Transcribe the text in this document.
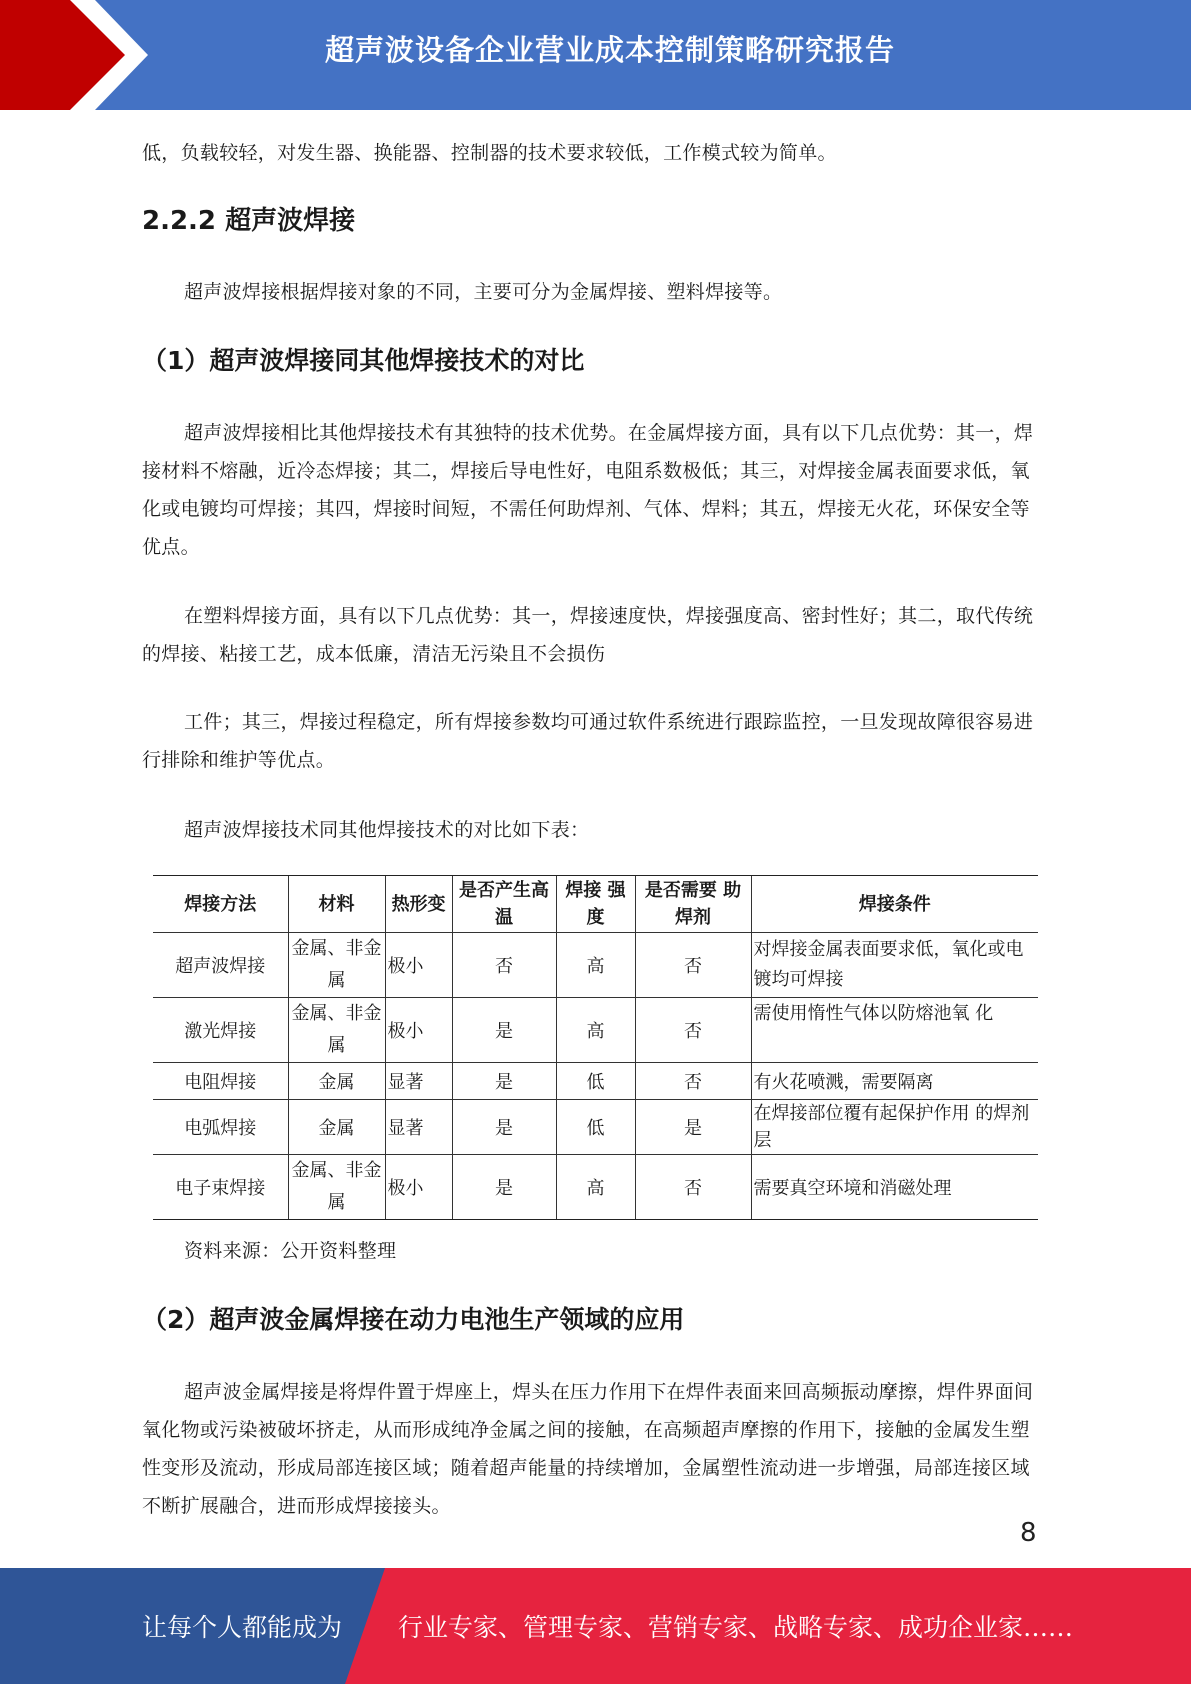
超声波设备企业营业成本控制策略研究报告

低，负载较轻，对发生器、换能器、控制器的技术要求较低，工作模式较为简单。

2.2.2 超声波焊接

超声波焊接根据焊接对象的不同，主要可分为金属焊接、塑料焊接等。

（1）超声波焊接同其他焊接技术的对比

超声波焊接相比其他焊接技术有其独特的技术优势。在金属焊接方面，具有以下几点优势：其一，焊接材料不熔融，近冷态焊接；其二，焊接后导电性好，电阻系数极低；其三，对焊接金属表面要求低，氧化或电镀均可焊接；其四，焊接时间短，不需任何助焊剂、气体、焊料；其五，焊接无火花，环保安全等优点。

在塑料焊接方面，具有以下几点优势：其一，焊接速度快，焊接强度高、密封性好；其二，取代传统的焊接、粘接工艺，成本低廉，清洁无污染且不会损伤

工件；其三，焊接过程稳定，所有焊接参数均可通过软件系统进行跟踪监控，一旦发现故障很容易进行排除和维护等优点。

超声波焊接技术同其他焊接技术的对比如下表：

焊接方法	材料	热形变	是否产生高温	焊接 强度	是否需要 助焊剂	焊接条件
超声波焊接	金属、非金属	极小	否	高	否	对焊接金属表面要求低，氧化或电镀均可焊接
激光焊接	金属、非金属	极小	是	高	否	需使用惰性气体以防熔池氧 化
电阻焊接	金属	显著	是	低	否	有火花喷溅，需要隔离
电弧焊接	金属	显著	是	低	是	在焊接部位覆有起保护作用 的焊剂层
电子束焊接	金属、非金属	极小	是	高	否	需要真空环境和消磁处理

资料来源：公开资料整理

（2）超声波金属焊接在动力电池生产领域的应用

超声波金属焊接是将焊件置于焊座上，焊头在压力作用下在焊件表面来回高频振动摩擦，焊件界面间氧化物或污染被破坏挤走，从而形成纯净金属之间的接触，在高频超声摩擦的作用下，接触的金属发生塑性变形及流动，形成局部连接区域；随着超声能量的持续增加，金属塑性流动进一步增强，局部连接区域不断扩展融合，进而形成焊接接头。

8
让每个人都能成为 行业专家、管理专家、营销专家、战略专家、成功企业家……
